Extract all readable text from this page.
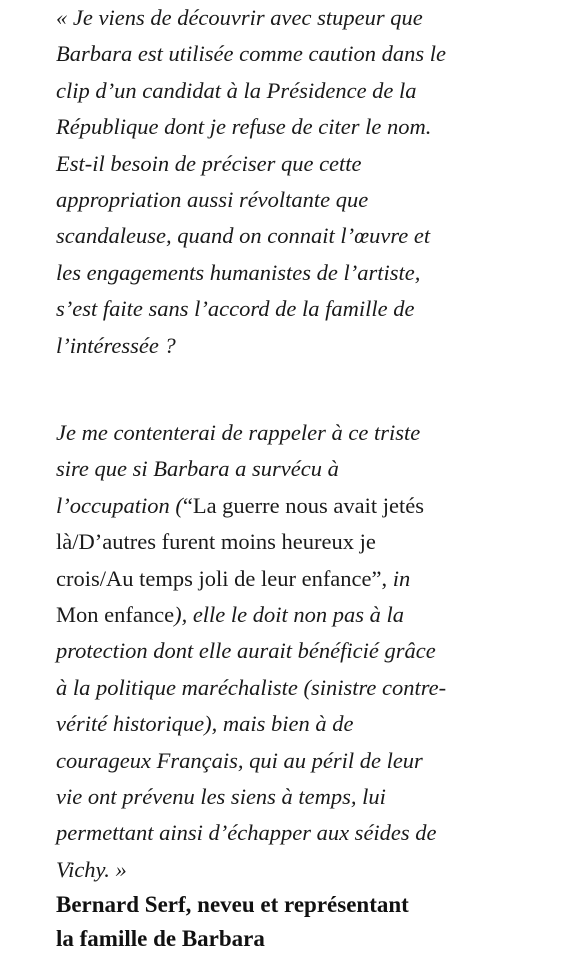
« Je viens de découvrir avec stupeur que
Barbara est utilisée comme caution dans le
clip d’un candidat à la Présidence de la
République dont je refuse de citer le nom.
Est-il besoin de préciser que cette
appropriation aussi révoltante que
scandaleuse, quand on connait l’œuvre et
les engagements humanistes de l’artiste,
s’est faite sans l’accord de la famille de
l’intéressée ?
Je me contenterai de rappeler à ce triste
sire que si Barbara a survécu à
l’occupation (“La guerre nous avait jetés
là/D’autres furent moins heureux je
crois/Au temps joli de leur enfance”, in
Mon enfance), elle le doit non pas à la
protection dont elle aurait bénéficié grâce
à la politique maréchaliste (sinistre contre-
vérité historique), mais bien à de
courageux Français, qui au péril de leur
vie ont prévenu les siens à temps, lui
permettant ainsi d’échapper aux séides de
Vichy. »
Bernard Serf, neveu et représentant
la famille de Barbara
